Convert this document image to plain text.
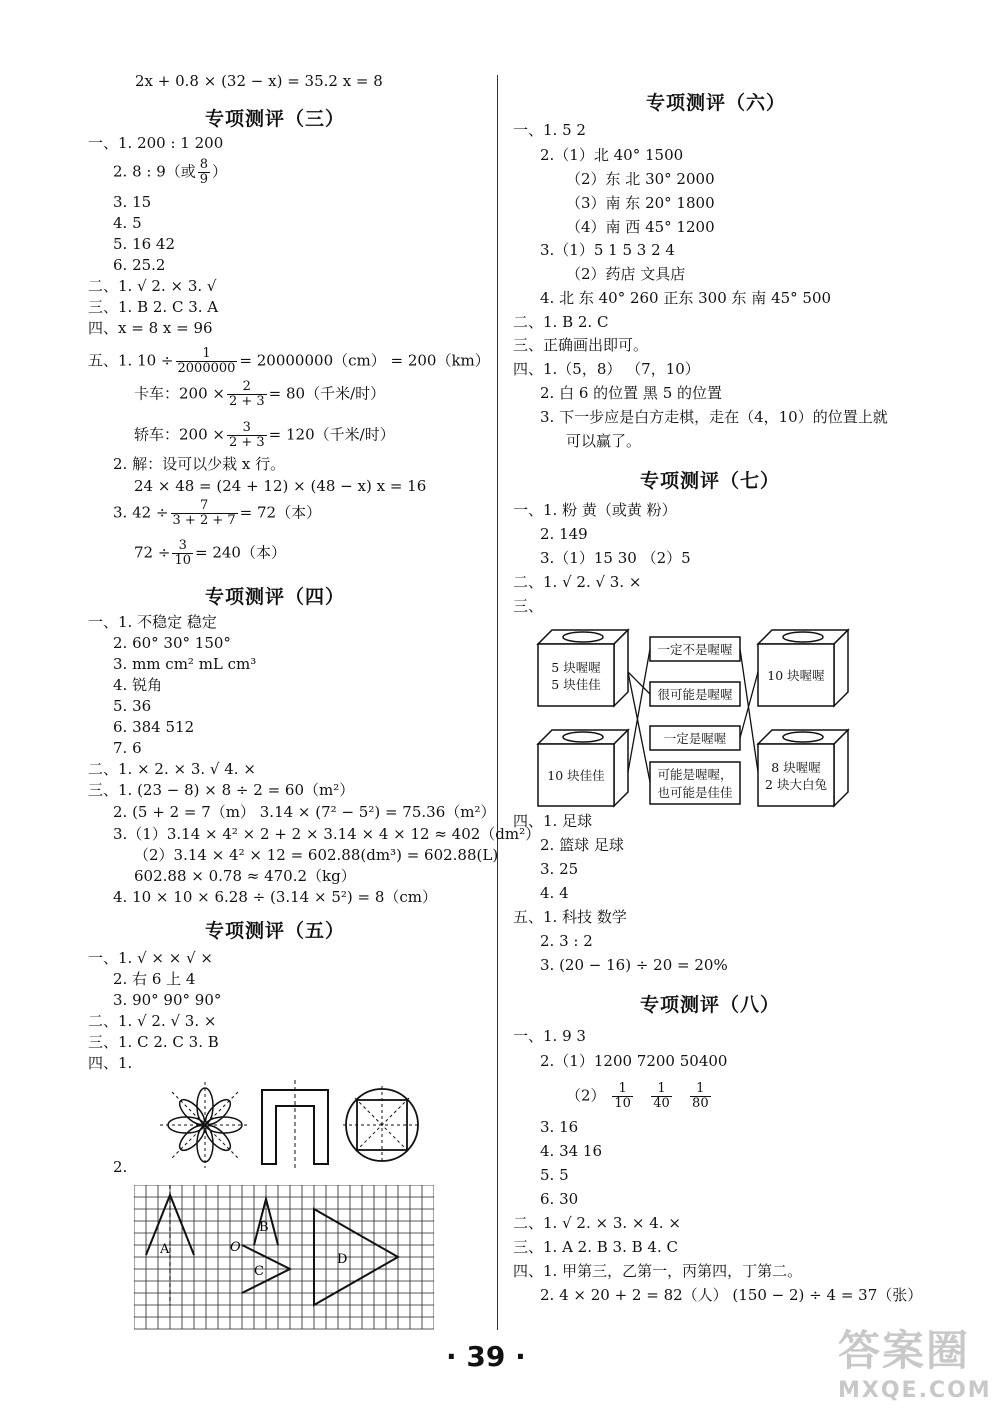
2x + 0.8 × (32 − x) = 35.2 x = 8
专项测评（三）
一、1. 200 : 1 200
2. 8 : 9（或 $\frac{8}{9}$ ）
3. 15
4. 5
5. 16 42
6. 25.2
二、1. √ 2. × 3. √
三、1. B 2. C 3. A
四、x = 8 x = 96
五、1. $10 \div \frac{1}{2000000} = 20000000(cm) = 200(km)$
卡车：$200 \times \frac{2}{2 + 3} = 80$（千米/时）
轿车：$200 \times \frac{3}{2 + 3} = 120$（千米/时）
2. 解：设可以少栽 x 行。
24 × 48 = (24 + 12) × (48 − x) x = 16
3. $42 \div \frac{7}{3 + 2 + 7} = 72$（本）
$72 \div \frac{3}{10} = 240$（本）
专项测评（四）
一、1. 不稳定 稳定
2. 60° 30° 150°
3. mm cm² mL cm³
4. 锐角
5. 36
6. 384 512
7. 6
二、1. × 2. × 3. √ 4. ×
三、1. (23 − 8) × 8 ÷ 2 = 60（m²）
2. (5 + 2 = 7（m） 3.14 × (7² − 5²) = 75.36（m²）
3.（1）3.14 × 4² × 2 + 2 × 3.14 × 4 × 12 ≈ 402（dm²）
（2）3.14 × 4² × 12 = 602.88(dm³) = 602.88(L)
602.88 × 0.78 ≈ 470.2（kg）
4. 10 × 10 × 6.28 ÷ (3.14 × 5²) = 8（cm）
专项测评（五）
一、1. √ × × √ ×
2. 右 6 上 4
3. 90° 90° 90°
二、1. √ 2. √ 3. ×
三、1. C 2. C 3. B
四、1.
2.
A
B
O
C
D
专项测评（六）
一、1. 5 2
2.（1）北 40° 1500
（2）东 北 30° 2000
（3）南 东 20° 1800
（4）南 西 45° 1200
3.（1）5 1 5 3 2 4
（2）药店 文具店
4. 北 东 40° 260 正东 300 东 南 45° 500
二、1. B 2. C
三、正确画出即可。
四、1.（5，8） （7，10）
2. 白 6 的位置 黑 5 的位置
3. 下一步应是白方走棋，走在（4，10）的位置上就
可以赢了。
专项测评（七）
一、1. 粉 黄（或黄 粉）
2. 149
3.（1）15 30 （2）5
二、1. √ 2. √ 3. ×
三、
5 块喔喔
5 块佳佳
10 块喔喔
10 块佳佳
8 块喔喔
2 块大白兔
一定不是喔喔
很可能是喔喔
一定是喔喔
可能是喔喔，
也可能是佳佳
四、1. 足球
2. 篮球 足球
3. 25
4. 4
五、1. 科技 数学
2. 3 : 2
3. (20 − 16) ÷ 20 = 20%
专项测评（八）
一、1. 9 3
2.（1）1200 7200 50400
$(2) \frac{1}{10}$
$\frac{1}{40}$
$\frac{1}{80}$
3. 16
4. 34 16
5. 5
6. 30
二、1. √ 2. × 3. × 4. ×
三、1. A 2. B 3. B 4. C
四、1. 甲第三，乙第一，丙第四，丁第二。
2. 4 × 20 + 2 = 82（人） (150 − 2) ÷ 4 = 37（张）
· 39 ·	答案圈
MXQE.COM
